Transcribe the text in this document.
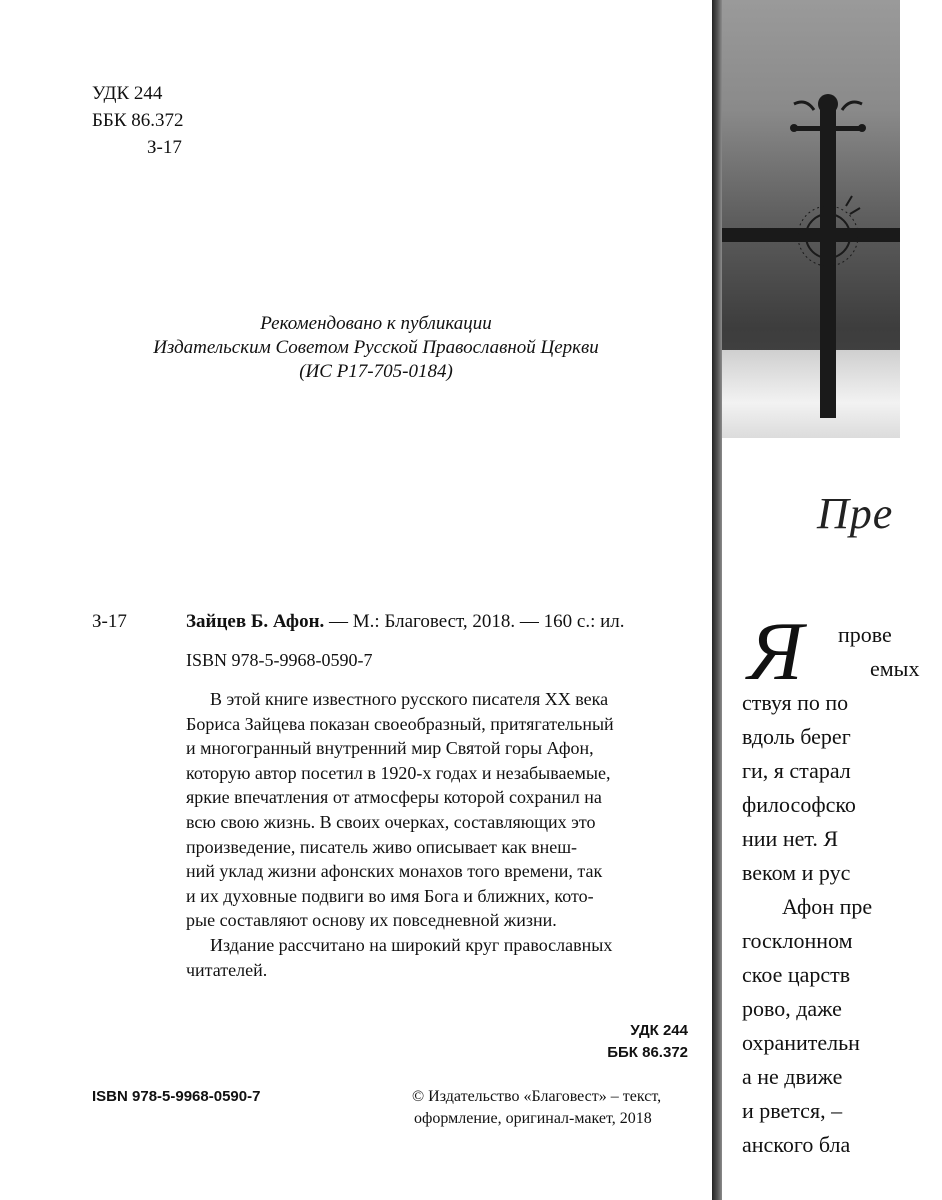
УДК 244
ББК 86.372
З-17
Рекомендовано к публикации
Издательским Советом Русской Православной Церкви
(ИС Р17-705-0184)
З-17	Зайцев Б. Афон. — М.: Благовест, 2018. — 160 с.: ил.
ISBN 978-5-9968-0590-7
В этой книге известного русского писателя XX века
Бориса Зайцева показан своеобразный, притягательный
и многогранный внутренний мир Святой горы Афон,
которую автор посетил в 1920-х годах и незабываемые,
яркие впечатления от атмосферы которой сохранил на
всю свою жизнь. В своих очерках, составляющих это
произведение, писатель живо описывает как внеш-
ний уклад жизни афонских монахов того времени, так
и их духовные подвиги во имя Бога и ближних, кото-
рые составляют основу их повседневной жизни.
Издание рассчитано на широкий круг православных
читателей.
УДК 244
ББК 86.372
ISBN 978-5-9968-0590-7	© Издательство «Благовест» – текст,
оформление, оригинал-макет, 2018
Пре
Я	прове
емых
ствуя по по
вдоль берег
ги, я старал
философско
нии нет. Я
веком и рус
Афон пре
госклонном
ское царств
рово, даже
охранительн
а не движе
и рвется, –
анского бла
